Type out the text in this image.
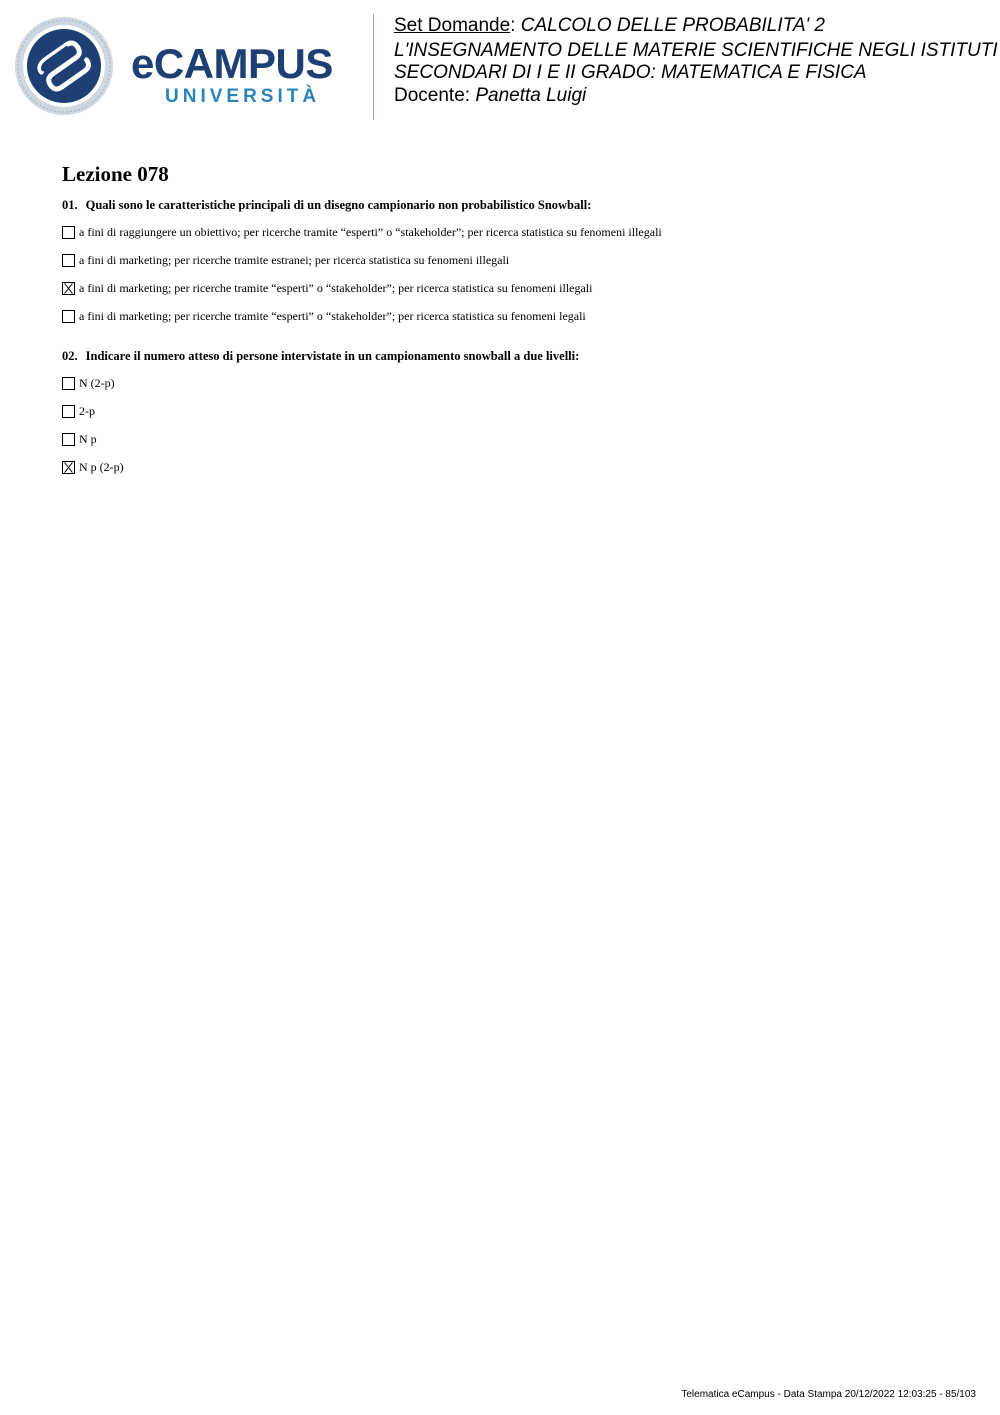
eCAMPUS
UNIVERSITÀ
Set Domande: CALCOLO DELLE PROBABILITA' 2
L'INSEGNAMENTO DELLE MATERIE SCIENTIFICHE NEGLI ISTITUTI SECONDARI DI I E II GRADO: MATEMATICA E FISICA
Docente: Panetta Luigi
Lezione 078
01. Quali sono le caratteristiche principali di un disegno campionario non probabilistico Snowball:
a fini di raggiungere un obiettivo; per ricerche tramite “esperti” o “stakeholder”; per ricerca statistica su fenomeni illegali
a fini di marketing; per ricerche tramite estranei; per ricerca statistica su fenomeni illegali
a fini di marketing; per ricerche tramite “esperti” o “stakeholder”; per ricerca statistica su fenomeni illegali
a fini di marketing; per ricerche tramite “esperti” o “stakeholder”; per ricerca statistica su fenomeni legali
02. Indicare il numero atteso di persone intervistate in un campionamento snowball a due livelli:
N (2-p)
2-p
N p
N p (2-p)
Telematica eCampus - Data Stampa 20/12/2022 12:03:25 - 85/103
